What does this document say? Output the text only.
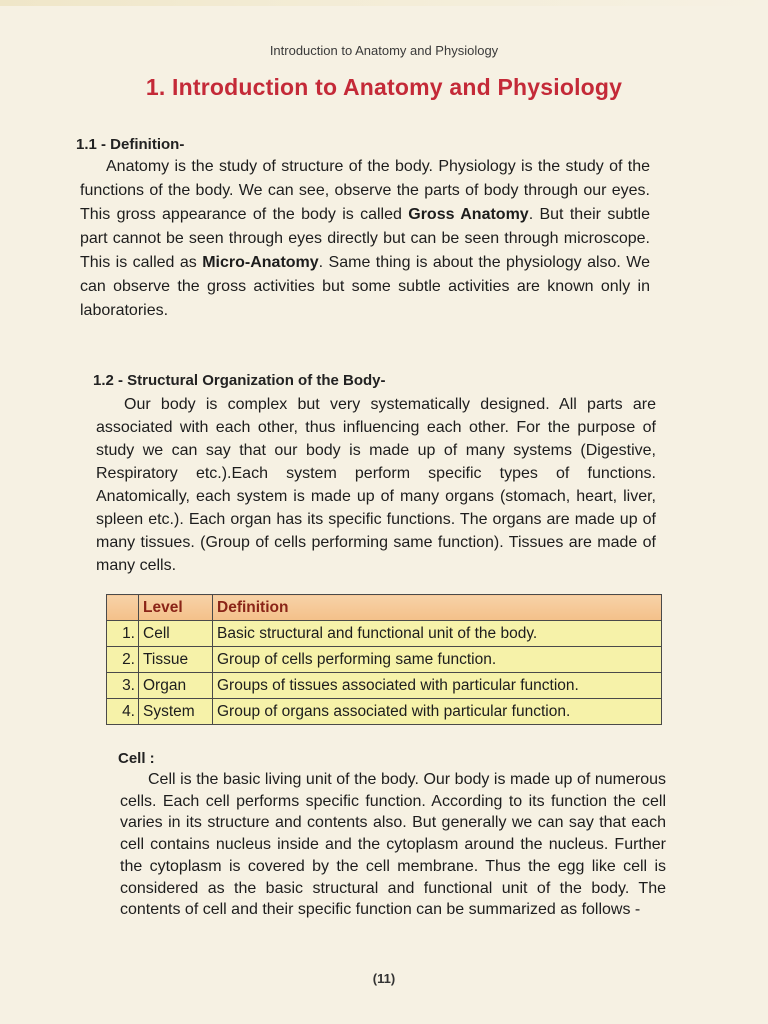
Introduction to Anatomy and Physiology
1. Introduction to Anatomy and Physiology
1.1 - Definition-
Anatomy is the study of structure of the body. Physiology is the study of the functions of the body. We can see, observe the parts of body through our eyes. This gross appearance of the body is called Gross Anatomy. But their subtle part cannot be seen through eyes directly but can be seen through microscope. This is called as Micro-Anatomy. Same thing is about the physiology also. We can observe the gross activities but some subtle activities are known only in laboratories.
1.2 - Structural Organization of the Body-
Our body is complex but very systematically designed. All parts are associated with each other, thus influencing each other. For the purpose of study we can say that our body is made up of many systems (Digestive, Respiratory etc.).Each system perform specific types of functions. Anatomically, each system is made up of many organs (stomach, heart, liver, spleen etc.). Each organ has its specific functions. The organs are made up of many tissues. (Group of cells performing same function). Tissues are made of many cells.
	Level	Definition
1.	Cell	Basic structural and functional unit of the body.
2.	Tissue	Group of cells performing same function.
3.	Organ	Groups of tissues associated with particular function.
4.	System	Group of organs associated with particular function.
Cell :
Cell is the basic living unit of the body. Our body is made up of numerous cells. Each cell performs specific function. According to its function the cell varies in its structure and contents also. But generally we can say that each cell contains nucleus inside and the cytoplasm around the nucleus. Further the cytoplasm is covered by the cell membrane. Thus the egg like cell is considered as the basic structural and functional unit of the body. The contents of cell and their specific function can be summarized as follows -
(11)
